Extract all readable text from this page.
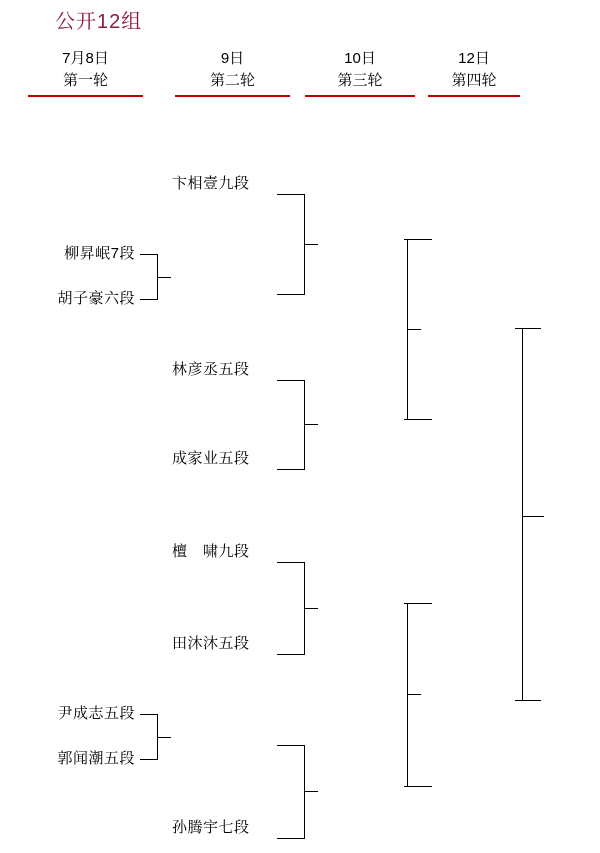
公开12组
7月8日
第一轮
9日
第二轮
10日
第三轮
12日
第四轮
卞相壹九段
林彦丞五段
成家业五段
檀　啸九段
田沐沐五段
孙腾宇七段
柳昇岷7段
胡子豪六段
尹成志五段
郭闻潮五段
